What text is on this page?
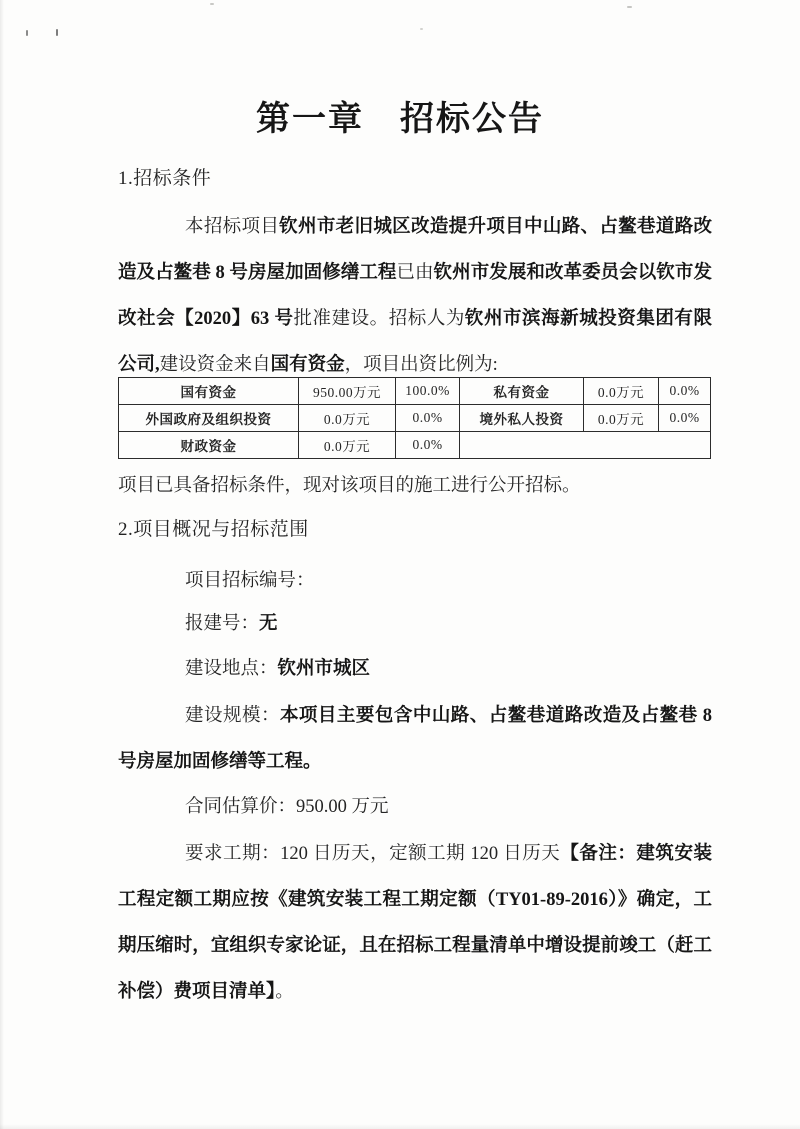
第一章　招标公告

1.招标条件

本招标项目钦州市老旧城区改造提升项目中山路、占鳌巷道路改造及占鳌巷 8 号房屋加固修缮工程已由钦州市发展和改革委员会以钦市发改社会【2020】63 号批准建设。招标人为钦州市滨海新城投资集团有限公司,建设资金来自国有资金，项目出资比例为:

国有资金	950.00万元	100.0%	私有资金	0.0万元	0.0%
外国政府及组织投资	0.0万元	0.0%	境外私人投资	0.0万元	0.0%
财政资金	0.0万元	0.0%			

项目已具备招标条件，现对该项目的施工进行公开招标。

2.项目概况与招标范围

项目招标编号：

报建号：无

建设地点：钦州市城区

建设规模：本项目主要包含中山路、占鳌巷道路改造及占鳌巷 8 号房屋加固修缮等工程。

合同估算价：950.00 万元

要求工期：120 日历天，定额工期 120 日历天【备注：建筑安装工程定额工期应按《建筑安装工程工期定额（TY01-89-2016）》确定，工期压缩时，宜组织专家论证，且在招标工程量清单中增设提前竣工（赶工补偿）费项目清单】。
